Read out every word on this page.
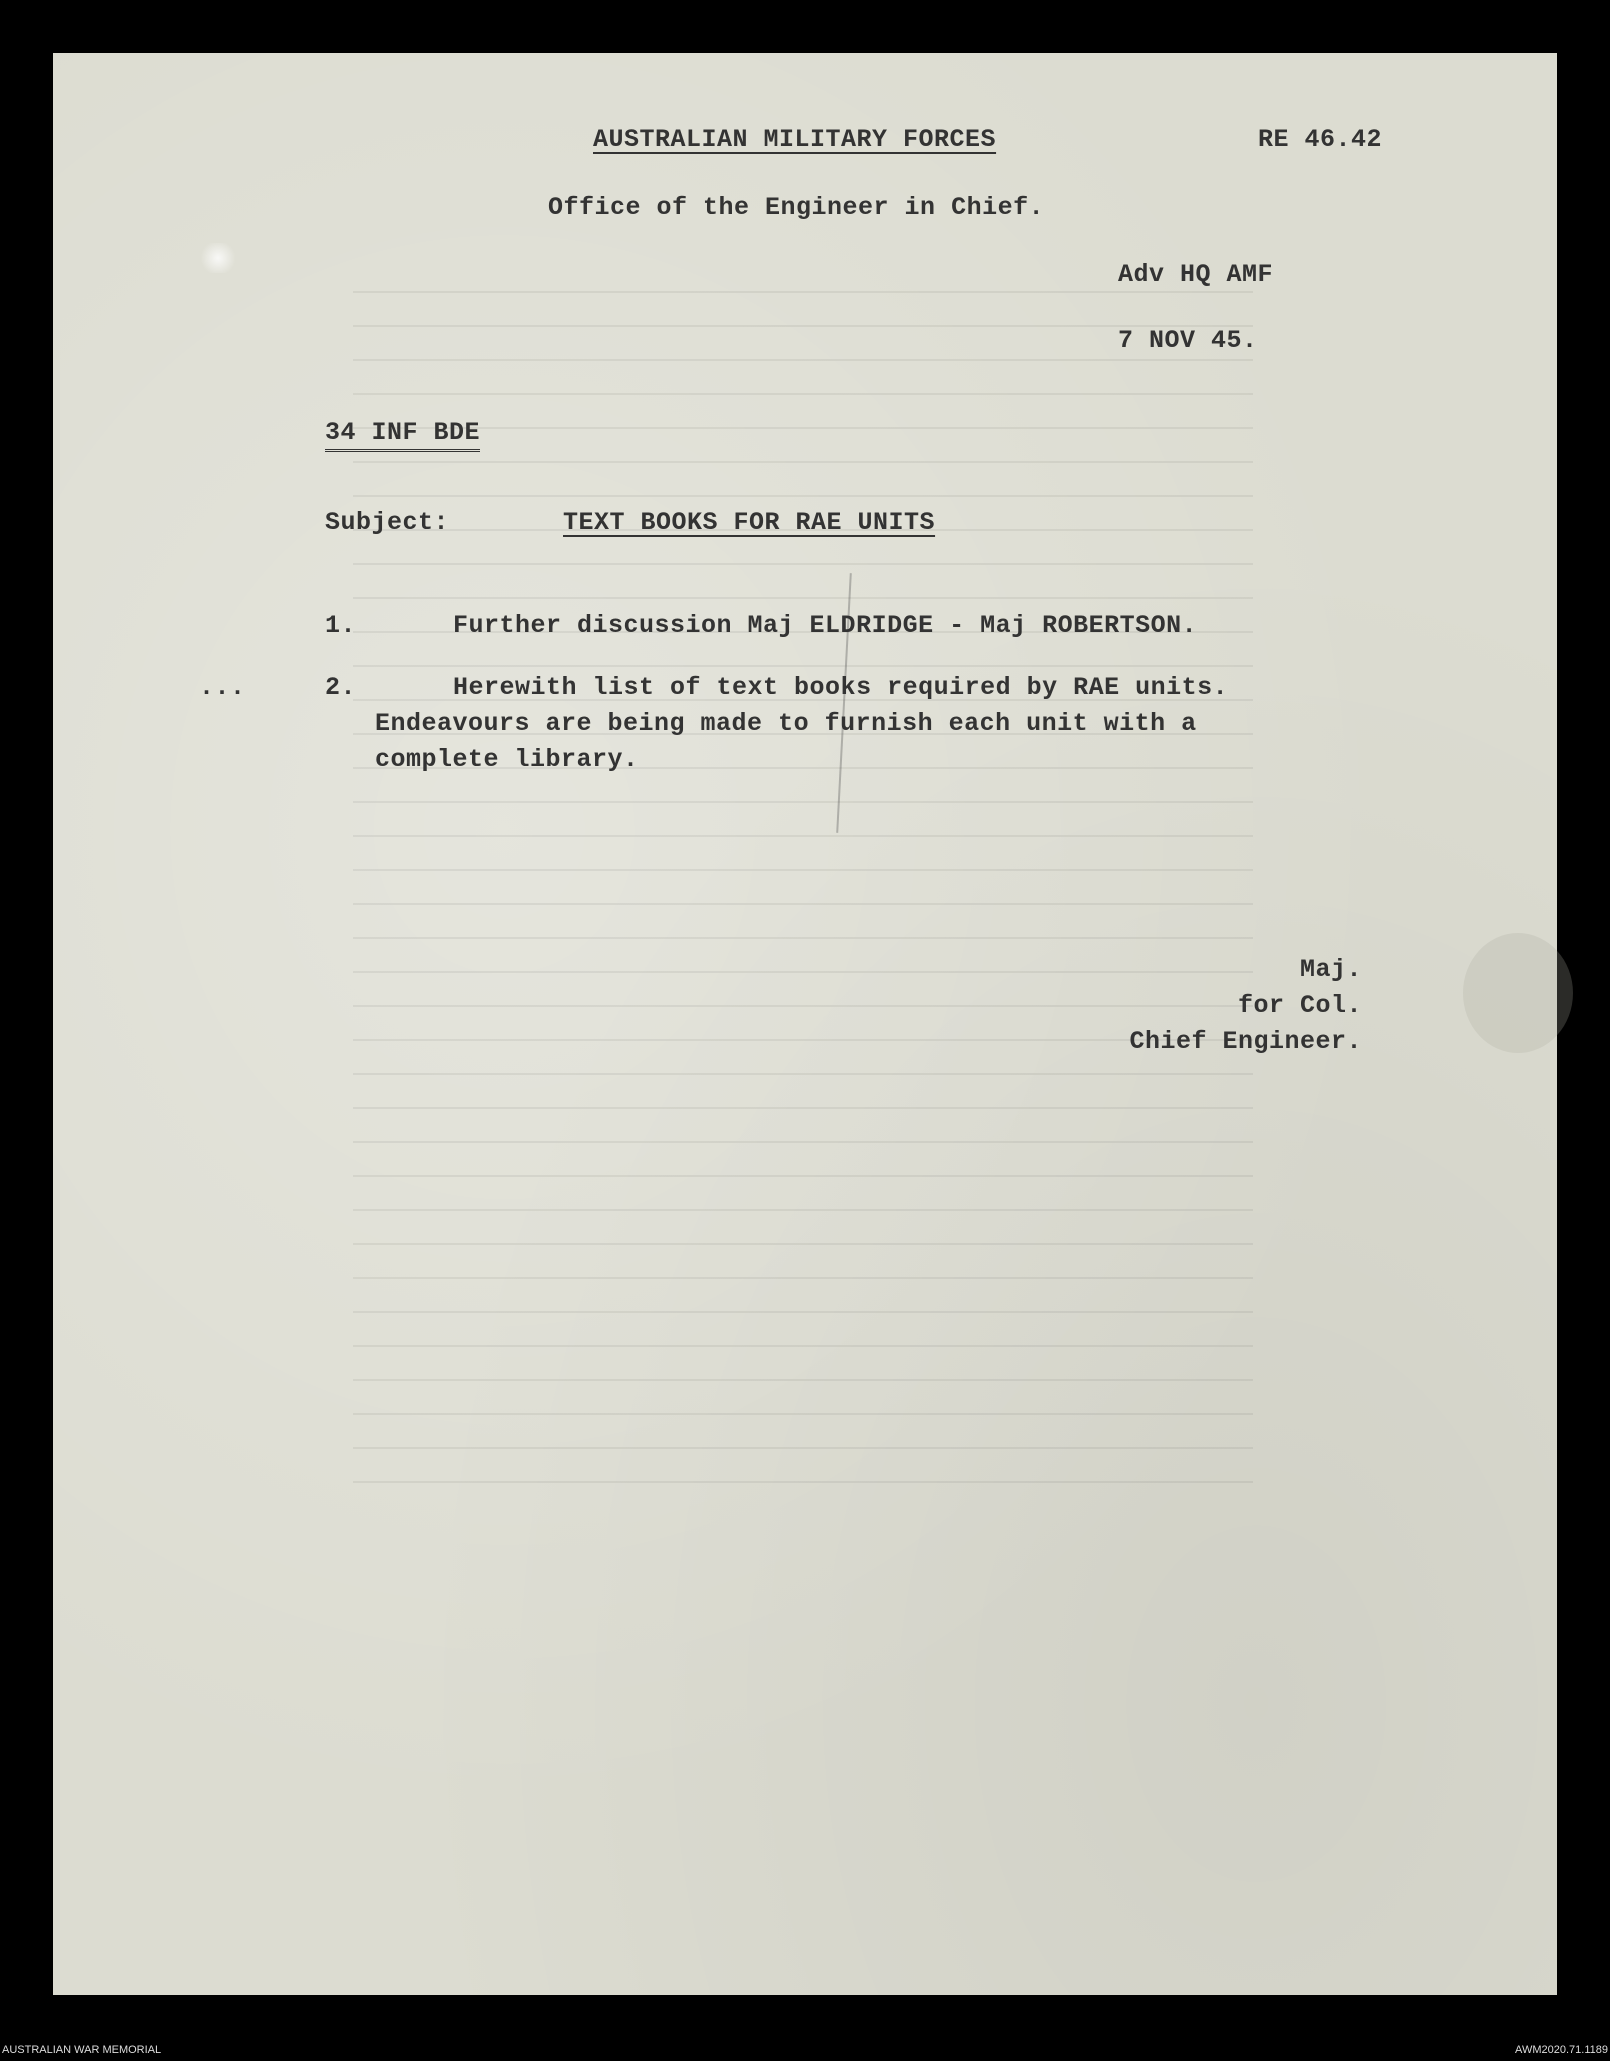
AUSTRALIAN MILITARY FORCES	RE 46.42
Office of the Engineer in Chief.
Adv HQ AMF
7 NOV 45.
34 INF BDE
Subject:	TEXT BOOKS FOR RAE UNITS
1.	Further discussion Maj ELDRIDGE - Maj ROBERTSON.
...	2.	Herewith list of text books required by RAE units.
Endeavours are being made to furnish each unit with a
complete library.
Maj.
for Col.
Chief Engineer.
AUSTRALIAN WAR MEMORIAL	AWM2020.71.1189
